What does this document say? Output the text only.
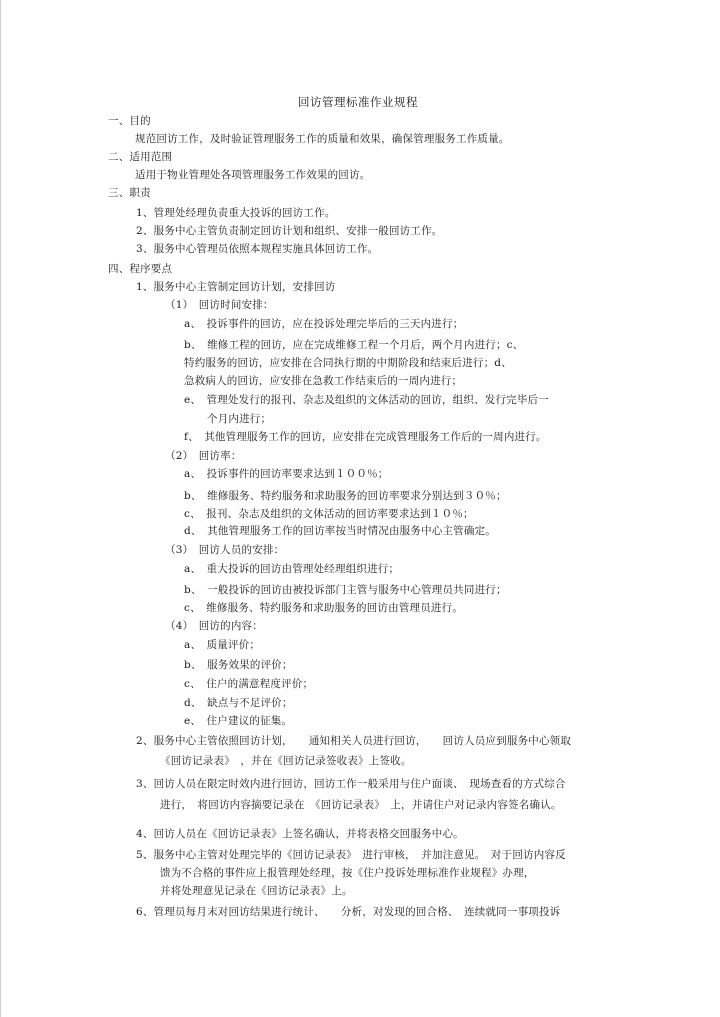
回访管理标准作业规程
一、目的
规范回访工作，及时验证管理服务工作的质量和效果，确保管理服务工作质量。
二、适用范围
适用于物业管理处各项管理服务工作效果的回访。
三、职责
1、管理处经理负责重大投诉的回访工作。
2、服务中心主管负责制定回访计划和组织、安排一般回访工作。
3、服务中心管理员依照本规程实施具体回访工作。
四、程序要点
1、服务中心主管制定回访计划，安排回访
（1）　回访时间安排：
a、　投诉事件的回访，应在投诉处理完毕后的三天内进行；
b、　维修工程的回访，应在完成维修工程一个月后，两个月内进行；c、
特约服务的回访，应安排在合同执行期的中期阶段和结束后进行；d、
急救病人的回访，应安排在急救工作结束后的一周内进行；
e、　管理处发行的报刊、杂志及组织的文体活动的回访，组织、发行完毕后一
个月内进行；
f、　其他管理服务工作的回访，应安排在完成管理服务工作后的一周内进行。
（2）　回访率：
a、　投诉事件的回访率要求达到１００％；
b、　维修服务、特约服务和求助服务的回访率要求分别达到３０％；
c、　报刊、杂志及组织的文体活动的回访率要求达到１０％；
d、　其他管理服务工作的回访率按当时情况由服务中心主管确定。
（3）　回访人员的安排：
a、　重大投诉的回访由管理处经理组织进行；
b、　一般投诉的回访由被投诉部门主管与服务中心管理员共同进行；
c、　维修服务、特约服务和求助服务的回访由管理员进行。
（4）　回访的内容：
a、　质量评价；
b、　服务效果的评价；
c、　住户的满意程度评价；
d、　缺点与不足评价；
e、　住户建议的征集。
2、服务中心主管依照回访计划，　　通知相关人员进行回访，　　回访人员应到服务中心领取
《回访记录表》　，并在《回访记录签收表》上签收。
3、回访人员在限定时效内进行回访，回访工作一般采用与住户面谈、　现场查看的方式综合
进行，　将回访内容摘要记录在　《回访记录表》　上，并请住户对记录内容签名确认。
4、回访人员在《回访记录表》上签名确认，并将表格交回服务中心。
5、服务中心主管对处理完毕的《回访记录表》　进行审核，　并加注意见。　对于回访内容反
馈为不合格的事件应上报管理处经理，按《住户投诉处理标准作业规程》办理，
并将处理意见记录在《回访记录表》上。
6、管理员每月末对回访结果进行统计、　　分析，对发现的回合格、　连续就同一事项投诉
